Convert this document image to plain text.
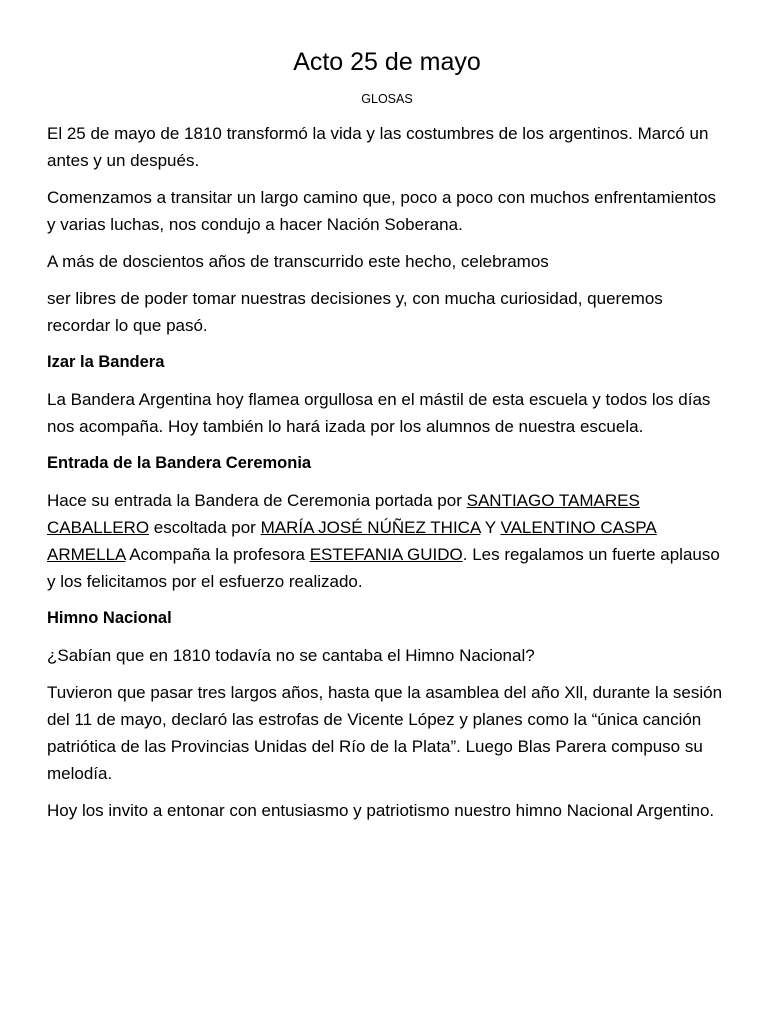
Acto 25 de mayo
GLOSAS

El 25 de mayo de 1810 transformó la vida y las costumbres de los argentinos. Marcó un antes y un después.

Comenzamos a transitar un largo camino que, poco a poco con muchos enfrentamientos y varias luchas, nos condujo a hacer Nación Soberana.

A más de doscientos años de transcurrido este hecho, celebramos

ser libres de poder tomar nuestras decisiones y, con mucha curiosidad, queremos recordar lo que pasó.

Izar la Bandera

La Bandera Argentina hoy flamea orgullosa en el mástil de esta escuela y todos los días nos acompaña. Hoy también lo hará izada por los alumnos de nuestra escuela.

Entrada de la Bandera Ceremonia

Hace su entrada la Bandera de Ceremonia portada por SANTIAGO TAMARES CABALLERO escoltada por MARÍA JOSÉ NÚÑEZ THICA Y VALENTINO CASPA ARMELLA Acompaña la profesora ESTEFANIA GUIDO. Les regalamos un fuerte aplauso y los felicitamos por el esfuerzo realizado.

Himno Nacional

¿Sabían que en 1810 todavía no se cantaba el Himno Nacional?

Tuvieron que pasar tres largos años, hasta que la asamblea del año Xll, durante la sesión del 11 de mayo, declaró las estrofas de Vicente López y planes como la “única canción patriótica de las Provincias Unidas del Río de la Plata”. Luego Blas Parera compuso su melodía.

Hoy los invito a entonar con entusiasmo y patriotismo nuestro himno Nacional Argentino.
